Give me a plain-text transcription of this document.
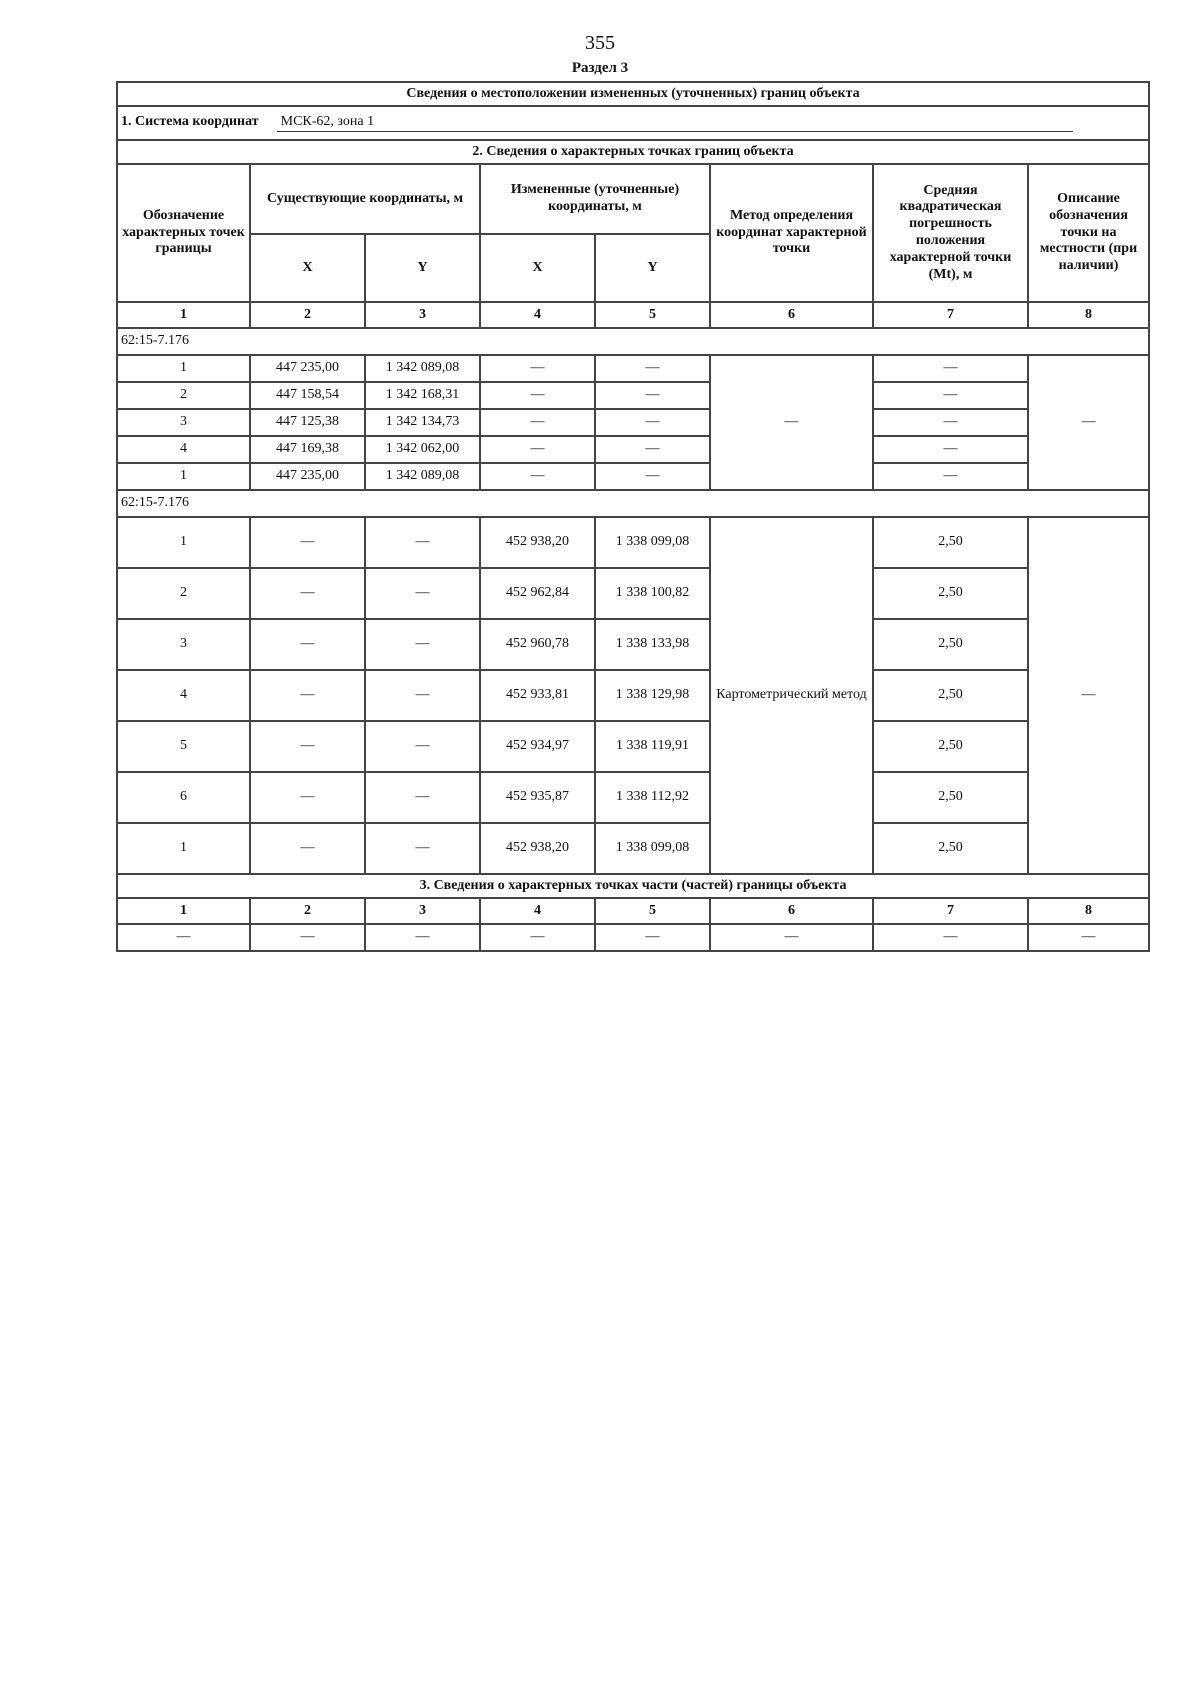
355
Раздел 3
Сведения о местоположении измененных (уточненных) границ объекта							
1. Система координат МСК-62, зона 1							
2. Сведения о характерных точках границ объекта							
Обозначение характерных точек границы	Существующие координаты, м		Измененные (уточненные) координаты, м		Метод определения координат характерной точки	Средняя квадратическая погрешность положения характерной точки (Mt), м	Описание обозначения точки на местности (при наличии)
	X	Y	X	Y			
1	2	3	4	5	6	7	8
62:15-7.176							
1	447 235,00	1 342 089,08	—	—	—	—	—
2	447 158,54	1 342 168,31	—	—		—	
3	447 125,38	1 342 134,73	—	—		—	
4	447 169,38	1 342 062,00	—	—		—	
1	447 235,00	1 342 089,08	—	—		—	
62:15-7.176							
1	—	—	452 938,20	1 338 099,08	Картометрический метод	2,50	—
2	—	—	452 962,84	1 338 100,82		2,50	
3	—	—	452 960,78	1 338 133,98		2,50	
4	—	—	452 933,81	1 338 129,98		2,50	
5	—	—	452 934,97	1 338 119,91		2,50	
6	—	—	452 935,87	1 338 112,92		2,50	
1	—	—	452 938,20	1 338 099,08		2,50	
3. Сведения о характерных точках части (частей) границы объекта							
1	2	3	4	5	6	7	8
—	—	—	—	—	—	—	—
